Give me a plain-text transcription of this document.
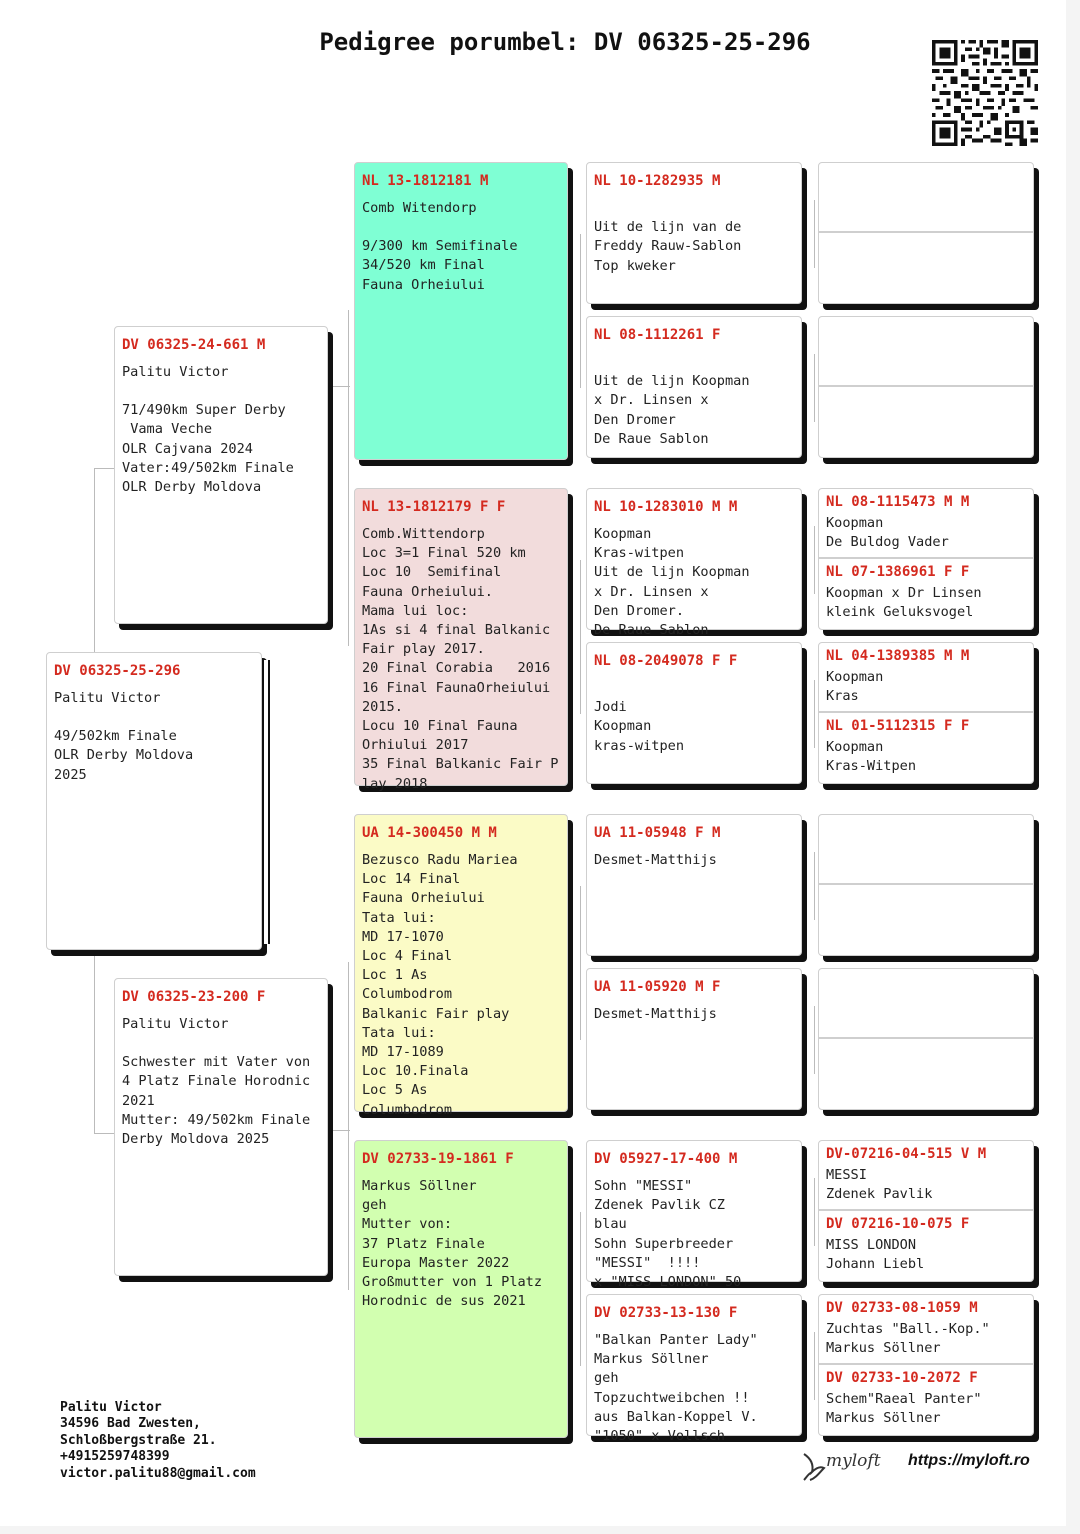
Pedigree porumbel: DV 06325-25-296
DV 06325-25-296
Palitu Victor
49/502km Finale
OLR Derby Moldova
2025
DV 06325-24-661 M
Palitu Victor
71/490km Super Derby
Vama Veche
OLR Cajvana 2024
Vater:49/502km Finale
OLR Derby Moldova
DV 06325-23-200 F
Palitu Victor
Schwester mit Vater von
4 Platz Finale Horodnic
2021
Mutter: 49/502km Finale
Derby Moldova 2025
NL 13-1812181 M
Comb Witendorp
9/300 km Semifinale
34/520 km Final
Fauna Orheiului
NL 13-1812179 F F
Comb.Wittendorp
Loc 3=1 Final 520 km
Loc 10  Semifinal
Fauna Orheiului.
Mama lui loc:
1As si 4 final Balkanic
Fair play 2017.
20 Final Corabia   2016
16 Final FaunaOrheiului
2015.
Locu 10 Final Fauna
Orhiului 2017
35 Final Balkanic Fair P
lay 2018
UA 14-300450 M M
Bezusco Radu Mariea
Loc 14 Final
Fauna Orheiului
Tata lui:
MD 17-1070
Loc 4 Final
Loc 1 As
Columbodrom
Balkanic Fair play
Tata lui:
MD 17-1089
Loc 10.Finala
Loc 5 As
Columbodrom
DV 02733-19-1861 F
Markus Söllner
geh
Mutter von:
37 Platz Finale
Europa Master 2022
Großmutter von 1 Platz
Horodnic de sus 2021
NL 10-1282935 M

Uit de lijn van de
Freddy Rauw-Sablon
Top kweker
NL 08-1112261 F

Uit de lijn Koopman
x Dr. Linsen x
Den Dromer
De Raue Sablon
NL 10-1283010 M M
Koopman
Kras-witpen
Uit de lijn Koopman
x Dr. Linsen x
Den Dromer.
De Raue Sablon
NL 08-2049078 F F

Jodi
Koopman
kras-witpen
UA 11-05948 F M
Desmet-Matthijs
UA 11-05920 M F
Desmet-Matthijs
DV 05927-17-400 M
Sohn "MESSI"
Zdenek Pavlik CZ
blau
Sohn Superbreeder
"MESSI"  !!!!
x "MISS LONDON" 50
DV 02733-13-130 F
"Balkan Panter Lady"
Markus Söllner
geh
Topzuchtweibchen !!
aus Balkan-Koppel V.
"1050" x Vollsch
NL 08-1115473 M M
Koopman
De Buldog Vader
NL 07-1386961 F F
Koopman x Dr Linsen
kleink Geluksvogel
NL 04-1389385 M M
Koopman
Kras
NL 01-5112315 F F
Koopman
Kras-Witpen
DV-07216-04-515 V M
MESSI
Zdenek Pavlik
DV 07216-10-075 F
MISS LONDON
Johann Liebl
DV 02733-08-1059 M
Zuchtas "Ball.-Kop."
Markus Söllner
DV 02733-10-2072 F
Schem"Raeal Panter"
Markus Söllner
Palitu Victor
34596 Bad Zwesten,
Schloßbergstraße 21.
+4915259748399
victor.palitu88@gmail.com
myloft https://myloft.ro
